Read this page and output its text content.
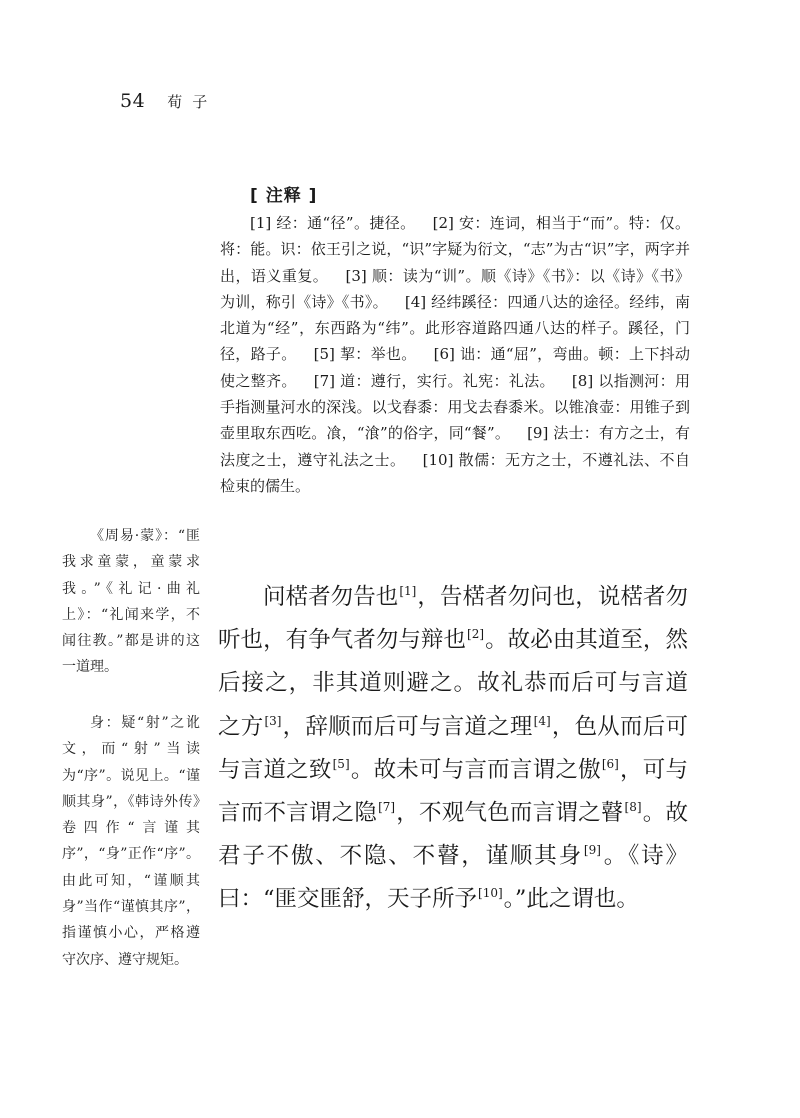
54 荀子
[ 注释 ]

[1] 经：通“径”。捷径。 [2] 安：连词，相当于“而”。特：仅。将：能。识：依王引之说，“识”字疑为衍文，“志”为古“识”字，两字并出，语义重复。 [3] 顺：读为“训”。顺《诗》《书》：以《诗》《书》为训，称引《诗》《书》。 [4] 经纬蹊径：四通八达的途径。经纬，南北道为“经”，东西路为“纬”。此形容道路四通八达的样子。蹊径，门径，路子。 [5] 挈：举也。 [6] 诎：通“屈”，弯曲。顿：上下抖动使之整齐。 [7] 道：遵行，实行。礼宪：礼法。 [8] 以指测河：用手指测量河水的深浅。以戈舂黍：用戈去舂黍米。以锥飡壶：用锥子到壶里取东西吃。飡，“湌”的俗字，同“餐”。 [9] 法士：有方之士，有法度之士，遵守礼法之士。 [10] 散儒：无方之士，不遵礼法、不自检束的儒生。

《周易·蒙》：“匪我求童蒙，童蒙求我。”《礼记·曲礼上》：“礼闻来学，不闻往教。”都是讲的这一道理。

身：疑“射”之讹文，而“射”当读为“序”。说见上。“谨顺其身”，《韩诗外传》卷四作“言谨其序”，“身”正作“序”。由此可知，“谨顺其身”当作“谨慎其序”，指谨慎小心，严格遵守次序、遵守规矩。

问楛者勿告也[1]，告楛者勿问也，说楛者勿听也，有争气者勿与辩也[2]。故必由其道至，然后接之，非其道则避之。故礼恭而后可与言道之方[3]，辞顺而后可与言道之理[4]，色从而后可与言道之致[5]。故未可与言而言谓之傲[6]，可与言而不言谓之隐[7]，不观气色而言谓之瞽[8]。故君子不傲、不隐、不瞽，谨顺其身[9]。《诗》曰：“匪交匪舒，天子所予[10]。”此之谓也。
